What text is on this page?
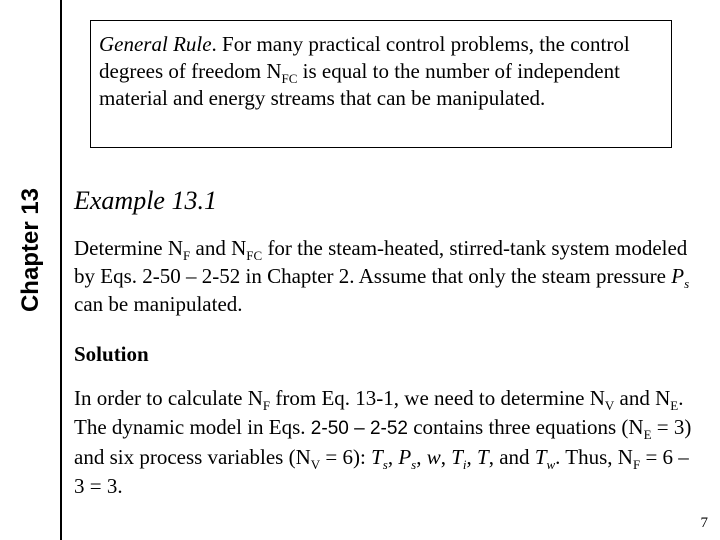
Chapter 13
General Rule. For many practical control problems, the control degrees of freedom $N_{FC}$ is equal to the number of independent material and energy streams that can be manipulated.
Example 13.1
Determine $N_F$ and $N_{FC}$ for the steam-heated, stirred-tank system modeled by Eqs. 2-50 – 2-52 in Chapter 2. Assume that only the steam pressure $P_s$ can be manipulated.
Solution
In order to calculate $N_F$ from Eq. 13-1, we need to determine $N_V$ and $N_E$. The dynamic model in Eqs. 2-50 – 2-52 contains three equations $(N_E = 3)$ and six process variables $(N_V = 6)$: $T_s$, $P_s$, w, $T_i$, T, and $T_w$. Thus, $N_F = 6 - 3 = 3$.
7
